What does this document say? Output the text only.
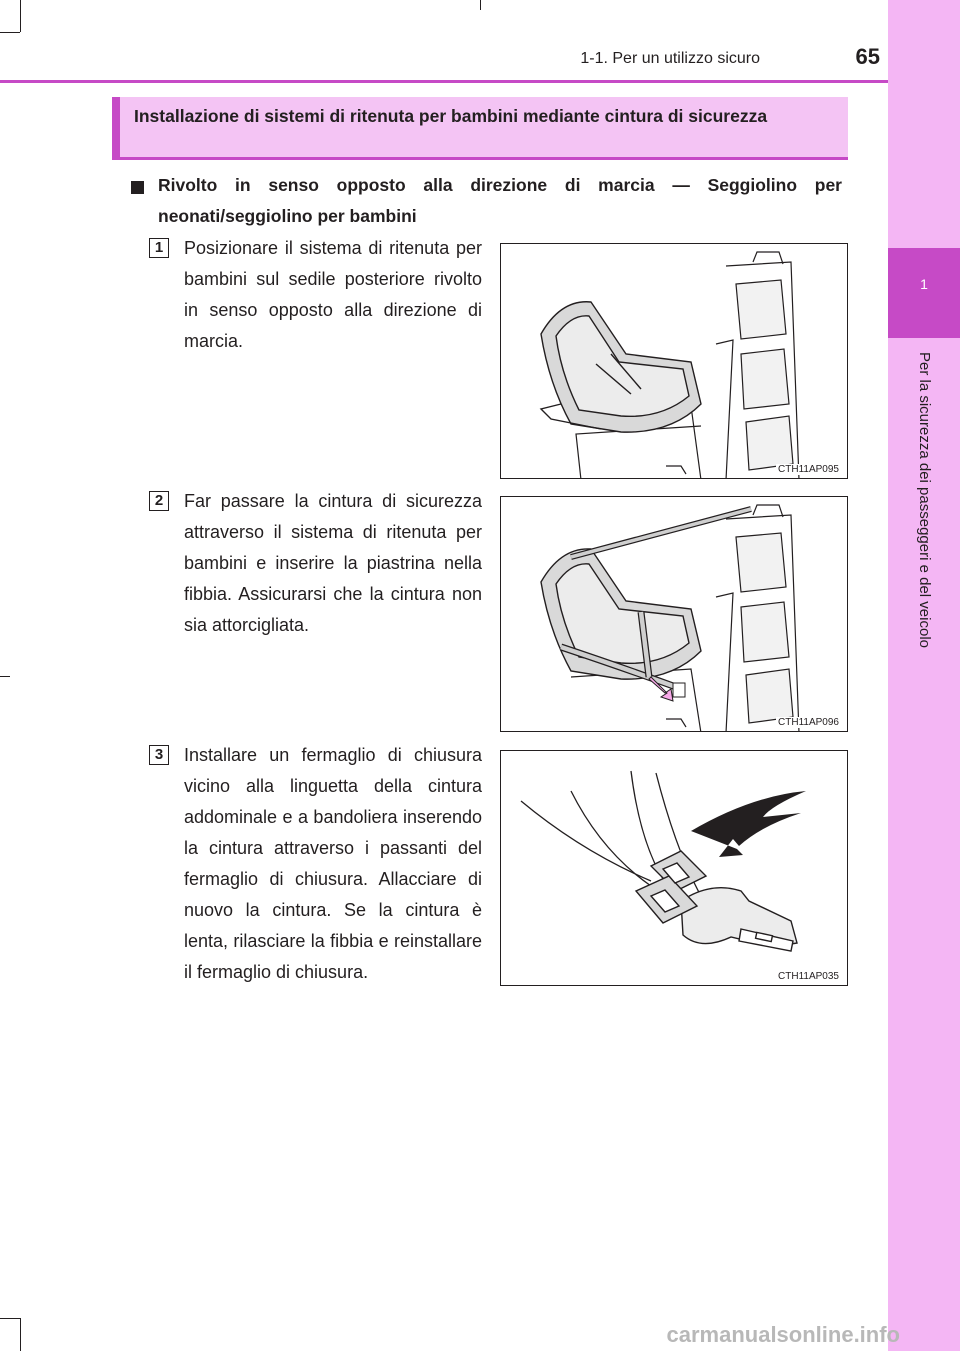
1
Per la sicurezza dei passeggeri e del veicolo
1-1. Per un utilizzo sicuro	65
Installazione di sistemi di ritenuta per bambini mediante cintura di sicurezza
Rivolto in senso opposto alla direzione di marcia — Seggiolino per neonati/seggiolino per bambini
1	Posizionare il sistema di ritenuta per bambini sul sedile posteriore rivolto in senso opposto alla direzione di marcia.
CTH11AP095
2	Far passare la cintura di sicurezza attraverso il sistema di ritenuta per bambini e inserire la piastrina nella fibbia. Assicurarsi che la cintura non sia attorcigliata.
CTH11AP096
3	Installare un fermaglio di chiusura vicino alla linguetta della cintura addominale e a bandoliera inserendo la cintura attraverso i passanti del fermaglio di chiusura. Allacciare di nuovo la cintura. Se la cintura è lenta, rilasciare la fibbia e reinstallare il fermaglio di chiusura.	CTH11AP035
carmanualsonline.info
